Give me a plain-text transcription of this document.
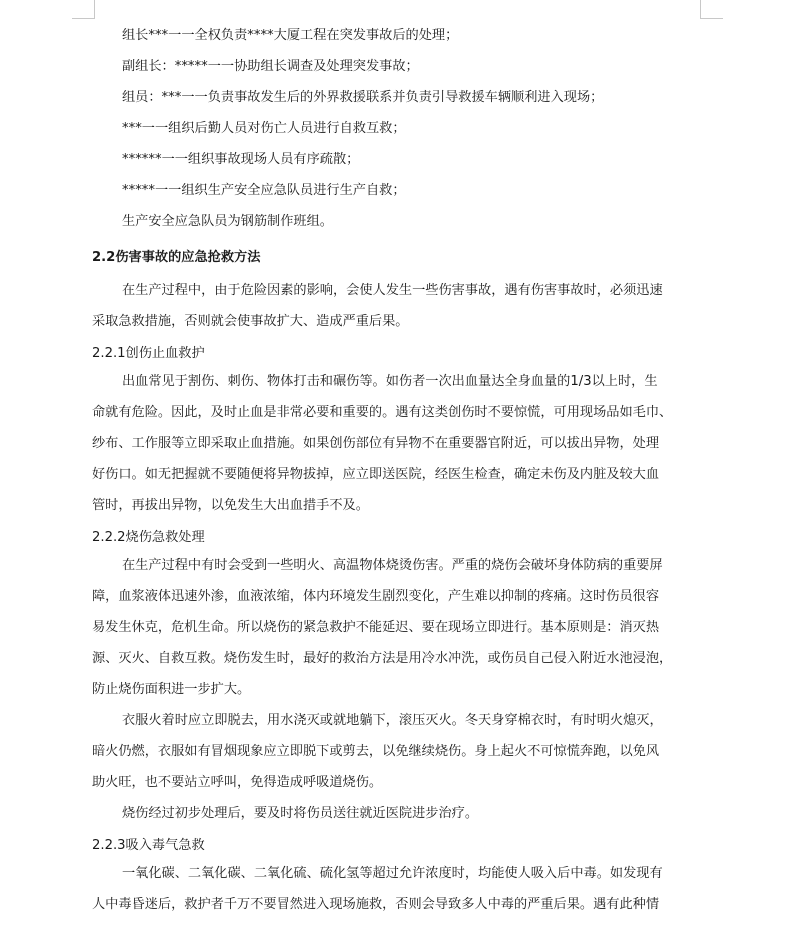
组长***一一全权负责****大厦工程在突发事故后的处理；
副组长：*****一一协助组长调查及处理突发事故；
组员：***一一负责事故发生后的外界救援联系并负责引导救援车辆顺利进入现场；
***一一组织后勤人员对伤亡人员进行自救互救；
******一一组织事故现场人员有序疏散；
*****一一组织生产安全应急队员进行生产自救；
生产安全应急队员为钢筋制作班组。
2.2伤害事故的应急抢救方法
在生产过程中，由于危险因素的影响，会使人发生一些伤害事故，遇有伤害事故时，必须迅速
采取急救措施，否则就会使事故扩大、造成严重后果。
2.2.1创伤止血救护
出血常见于割伤、刺伤、物体打击和碾伤等。如伤者一次出血量达全身血量的1/3以上时，生
命就有危险。因此，及时止血是非常必要和重要的。遇有这类创伤时不要惊慌，可用现场品如毛巾、
纱布、工作服等立即采取止血措施。如果创伤部位有异物不在重要器官附近，可以拔出异物，处理
好伤口。如无把握就不要随便将异物拔掉，应立即送医院，经医生检查，确定未伤及内脏及较大血
管时，再拔出异物，以免发生大出血措手不及。
2.2.2烧伤急救处理
在生产过程中有时会受到一些明火、高温物体烧烫伤害。严重的烧伤会破坏身体防病的重要屏
障，血浆液体迅速外渗，血液浓缩，体内环境发生剧烈变化，产生难以抑制的疼痛。这时伤员很容
易发生休克，危机生命。所以烧伤的紧急救护不能延迟、要在现场立即进行。基本原则是：消灭热
源、灭火、自救互救。烧伤发生时，最好的救治方法是用冷水冲洗，或伤员自己侵入附近水池浸泡，
防止烧伤面积进一步扩大。
衣服火着时应立即脱去，用水浇灭或就地躺下，滚压灭火。冬天身穿棉衣时，有时明火熄灭，
暗火仍燃，衣服如有冒烟现象应立即脱下或剪去，以免继续烧伤。身上起火不可惊慌奔跑，以免风
助火旺，也不要站立呼叫，免得造成呼吸道烧伤。
烧伤经过初步处理后，要及时将伤员送往就近医院进步治疗。
2.2.3吸入毒气急救
一氧化碳、二氧化碳、二氧化硫、硫化氢等超过允许浓度时，均能使人吸入后中毒。如发现有
人中毒昏迷后，救护者千万不要冒然进入现场施救，否则会导致多人中毒的严重后果。遇有此种情
